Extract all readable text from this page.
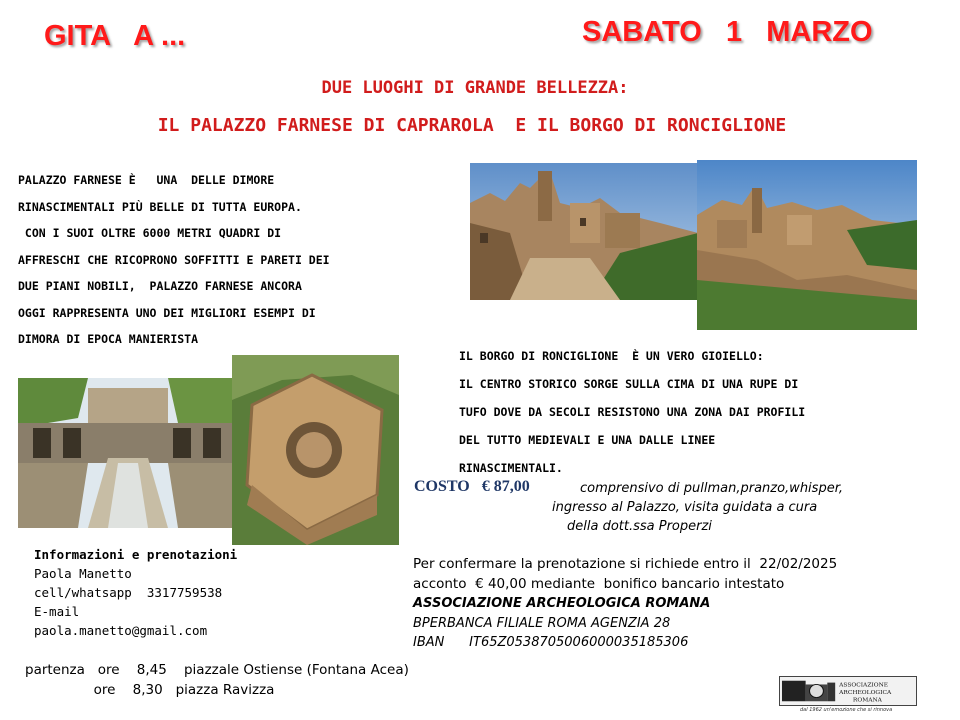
GITA   A ...	SABATO   1   MARZO
DUE LUOGHI DI GRANDE BELLEZZA:
IL PALAZZO FARNESE DI CAPRAROLA  E IL BORGO DI RONCIGLIONE
PALAZZO FARNESE È   UNA  DELLE DIMORE
RINASCIMENTALI PIÙ BELLE DI TUTTA EUROPA.
CON I SUOI OLTRE 6000 METRI QUADRI DI
AFFRESCHI CHE RICOPRONO SOFFITTI E PARETI DEI
DUE PIANI NOBILI,  PALAZZO FARNESE ANCORA
OGGI RAPPRESENTA UNO DEI MIGLIORI ESEMPI DI
DIMORA DI EPOCA MANIERISTA
IL BORGO DI RONCIGLIONE  È UN VERO GIOIELLO:
IL CENTRO STORICO SORGE SULLA CIMA DI UNA RUPE DI
TUFO DOVE DA SECOLI RESISTONO UNA ZONA DAI PROFILI
DEL TUTTO MEDIEVALI E UNA DALLE LINEE
RINASCIMENTALI.
COSTO   € 87,00	comprensivo di pullman,pranzo,whisper,
ingresso al Palazzo, visita guidata a cura
della dott.ssa Properzi
Informazioni e prenotazioni
Paola Manetto
cell/whatsapp  3317759538
E-mail
paola.manetto@gmail.com
Per confermare la prenotazione si richiede entro il  22/02/2025
acconto  € 40,00 mediante  bonifico bancario intestato
ASSOCIAZIONE ARCHEOLOGICA ROMANA
BPERBANCA FILIALE ROMA AGENZIA 28
IBAN      IT65Z0538705006000035185306
partenza   ore    8,45    piazzale Ostiense (Fontana Acea)
ore    8,30   piazza Ravizza	ASSOCIAZIONE
ARCHEOLOGICA
ROMANA
dal 1962 un'emozione che si rinnova
